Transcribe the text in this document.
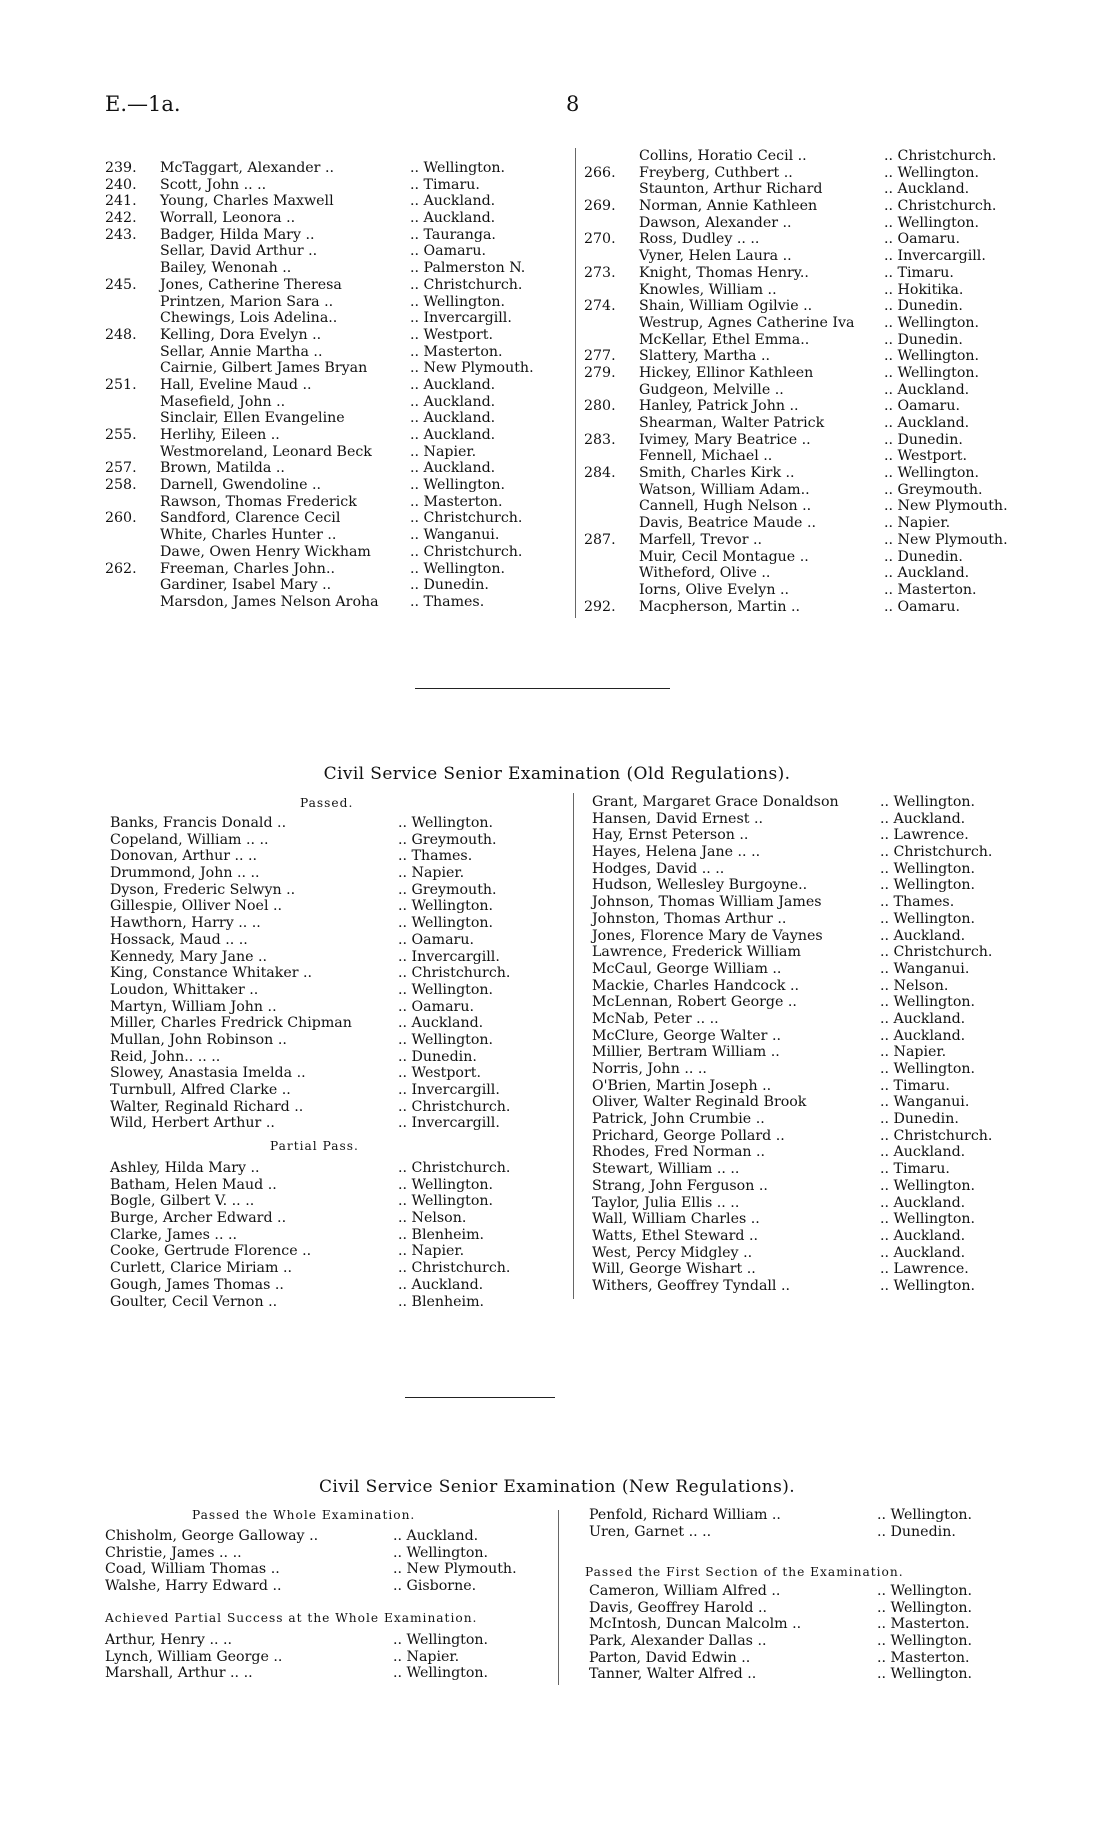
E.—1a.	8
239.	McTaggart, Alexander ..	.. Wellington.
240.	Scott, John .. ..	.. Timaru.
241.	Young, Charles Maxwell	.. Auckland.
242.	Worrall, Leonora ..	.. Auckland.
243.	Badger, Hilda Mary ..	.. Tauranga.
Sellar, David Arthur ..	.. Oamaru.
Bailey, Wenonah ..	.. Palmerston N.
245.	Jones, Catherine Theresa	.. Christchurch.
Printzen, Marion Sara ..	.. Wellington.
Chewings, Lois Adelina..	.. Invercargill.
248.	Kelling, Dora Evelyn ..	.. Westport.
Sellar, Annie Martha ..	.. Masterton.
Cairnie, Gilbert James Bryan	.. New Plymouth.
251.	Hall, Eveline Maud ..	.. Auckland.
Masefield, John ..	.. Auckland.
Sinclair, Ellen Evangeline	.. Auckland.
255.	Herlihy, Eileen ..	.. Auckland.
Westmoreland, Leonard Beck	.. Napier.
257.	Brown, Matilda ..	.. Auckland.
258.	Darnell, Gwendoline ..	.. Wellington.
Rawson, Thomas Frederick	.. Masterton.
260.	Sandford, Clarence Cecil	.. Christchurch.
White, Charles Hunter ..	.. Wanganui.
Dawe, Owen Henry Wickham	.. Christchurch.
262.	Freeman, Charles John..	.. Wellington.
Gardiner, Isabel Mary ..	.. Dunedin.
Marsdon, James Nelson Aroha .. Thames.
Collins, Horatio Cecil ..	.. Christchurch.
266.	Freyberg, Cuthbert ..	.. Wellington.
Staunton, Arthur Richard	.. Auckland.
269.	Norman, Annie Kathleen	.. Christchurch.
Dawson, Alexander ..	.. Wellington.
270.	Ross, Dudley .. ..	.. Oamaru.
Vyner, Helen Laura ..	.. Invercargill.
273.	Knight, Thomas Henry..	.. Timaru.
Knowles, William ..	.. Hokitika.
274.	Shain, William Ogilvie ..	.. Dunedin.
Westrup, Agnes Catherine Iva .. Wellington.
McKellar, Ethel Emma..	.. Dunedin.
277.	Slattery, Martha ..	.. Wellington.
279.	Hickey, Ellinor Kathleen	.. Wellington.
Gudgeon, Melville ..	.. Auckland.
280.	Hanley, Patrick John ..	.. Oamaru.
Shearman, Walter Patrick	.. Auckland.
283.	Ivimey, Mary Beatrice ..	.. Dunedin.
Fennell, Michael ..	.. Westport.
284.	Smith, Charles Kirk ..	.. Wellington.
Watson, William Adam..	.. Greymouth.
Cannell, Hugh Nelson ..	.. New Plymouth.
Davis, Beatrice Maude ..	.. Napier.
287.	Marfell, Trevor ..	.. New Plymouth.
Muir, Cecil Montague ..	.. Dunedin.
Witheford, Olive ..	.. Auckland.
Iorns, Olive Evelyn ..	.. Masterton.
292.	Macpherson, Martin ..	.. Oamaru.
Civil Service Senior Examination (Old Regulations).
Passed.
Banks, Francis Donald ..	.. Wellington.
Copeland, William .. ..	.. Greymouth.
Donovan, Arthur .. ..	.. Thames.
Drummond, John .. ..	.. Napier.
Dyson, Frederic Selwyn ..	.. Greymouth.
Gillespie, Olliver Noel ..	.. Wellington.
Hawthorn, Harry .. ..	.. Wellington.
Hossack, Maud .. ..	.. Oamaru.
Kennedy, Mary Jane ..	.. Invercargill.
King, Constance Whitaker ..	.. Christchurch.
Loudon, Whittaker ..	.. Wellington.
Martyn, William John ..	.. Oamaru.
Miller, Charles Fredrick Chipman	.. Auckland.
Mullan, John Robinson ..	.. Wellington.
Reid, John.. .. ..	.. Dunedin.
Slowey, Anastasia Imelda ..	.. Westport.
Turnbull, Alfred Clarke ..	.. Invercargill.
Walter, Reginald Richard ..	.. Christchurch.
Wild, Herbert Arthur ..	.. Invercargill.
Partial Pass.
Ashley, Hilda Mary ..	.. Christchurch.
Batham, Helen Maud ..	.. Wellington.
Bogle, Gilbert V. .. ..	.. Wellington.
Burge, Archer Edward ..	.. Nelson.
Clarke, James .. ..	.. Blenheim.
Cooke, Gertrude Florence ..	.. Napier.
Curlett, Clarice Miriam ..	.. Christchurch.
Gough, James Thomas ..	.. Auckland.
Goulter, Cecil Vernon ..	.. Blenheim.
Grant, Margaret Grace Donaldson	.. Wellington.
Hansen, David Ernest ..	.. Auckland.
Hay, Ernst Peterson ..	.. Lawrence.
Hayes, Helena Jane .. ..	.. Christchurch.
Hodges, David .. ..	.. Wellington.
Hudson, Wellesley Burgoyne..	.. Wellington.
Johnson, Thomas William James	.. Thames.
Johnston, Thomas Arthur ..	.. Wellington.
Jones, Florence Mary de Vaynes	.. Auckland.
Lawrence, Frederick William	.. Christchurch.
McCaul, George William ..	.. Wanganui.
Mackie, Charles Handcock ..	.. Nelson.
McLennan, Robert George ..	.. Wellington.
McNab, Peter .. ..	.. Auckland.
McClure, George Walter ..	.. Auckland.
Millier, Bertram William ..	.. Napier.
Norris, John .. ..	.. Wellington.
O'Brien, Martin Joseph ..	.. Timaru.
Oliver, Walter Reginald Brook	.. Wanganui.
Patrick, John Crumbie ..	.. Dunedin.
Prichard, George Pollard ..	.. Christchurch.
Rhodes, Fred Norman ..	.. Auckland.
Stewart, William .. ..	.. Timaru.
Strang, John Ferguson ..	.. Wellington.
Taylor, Julia Ellis .. ..	.. Auckland.
Wall, William Charles ..	.. Wellington.
Watts, Ethel Steward ..	.. Auckland.
West, Percy Midgley ..	.. Auckland.
Will, George Wishart ..	.. Lawrence.
Withers, Geoffrey Tyndall ..	.. Wellington.
Civil Service Senior Examination (New Regulations).
Passed the Whole Examination.
Chisholm, George Galloway ..	.. Auckland.
Christie, James .. ..	.. Wellington.
Coad, William Thomas ..	.. New Plymouth.
Walshe, Harry Edward ..	.. Gisborne.
Achieved Partial Success at the Whole Examination.
Arthur, Henry .. ..	.. Wellington.
Lynch, William George ..	.. Napier.
Marshall, Arthur .. ..	.. Wellington.
Penfold, Richard William ..	.. Wellington.
Uren, Garnet .. ..	.. Dunedin.
Passed the First Section of the Examination.
Cameron, William Alfred ..	.. Wellington.
Davis, Geoffrey Harold ..	.. Wellington.
McIntosh, Duncan Malcolm ..	.. Masterton.
Park, Alexander Dallas ..	.. Wellington.
Parton, David Edwin ..	.. Masterton.
Tanner, Walter Alfred ..	.. Wellington.
